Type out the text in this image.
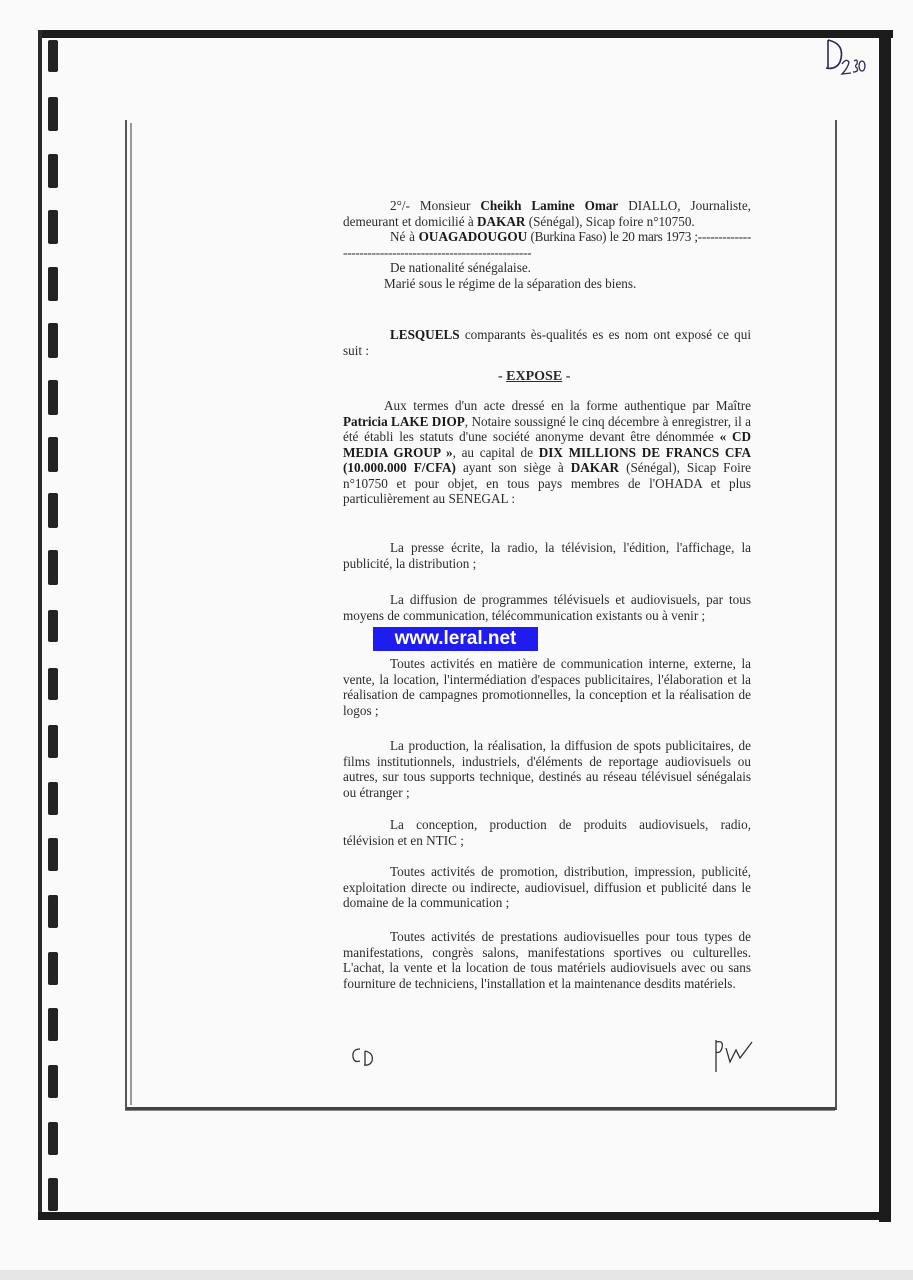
2°/- Monsieur Cheikh Lamine Omar DIALLO, Journaliste, demeurant et domicilié à DAKAR (Sénégal), Sicap foire n°10750.

Né à OUAGADOUGOU (Burkina Faso) le 20 mars 1973 ;-----------------------------------------------------------

De nationalité sénégalaise.

Marié sous le régime de la séparation des biens.

LESQUELS comparants ès-qualités es es nom ont exposé ce qui suit :

- EXPOSE -

Aux termes d'un acte dressé en la forme authentique par Maître Patricia LAKE DIOP, Notaire soussigné le cinq décembre à enregistrer, il a été établi les statuts d'une société anonyme devant être dénommée « CD MEDIA GROUP », au capital de DIX MILLIONS DE FRANCS CFA (10.000.000 F/CFA) ayant son siège à DAKAR (Sénégal), Sicap Foire n°10750 et pour objet, en tous pays membres de l'OHADA et plus particulièrement au SENEGAL :

La presse écrite, la radio, la télévision, l'édition, l'affichage, la publicité, la distribution ;

La diffusion de programmes télévisuels et audiovisuels, par tous moyens de communication, télécommunication existants ou à venir ;

Toutes activités en matière de communication interne, externe, la vente, la location, l'intermédiation d'espaces publicitaires, l'élaboration et la réalisation de campagnes promotionnelles, la conception et la réalisation de logos ;

La production, la réalisation, la diffusion de spots publicitaires, de films institutionnels, industriels, d'éléments de reportage audiovisuels ou autres, sur tous supports technique, destinés au réseau télévisuel sénégalais ou étranger ;

La conception, production de produits audiovisuels, radio, télévision et en NTIC ;

Toutes activités de promotion, distribution, impression, publicité, exploitation directe ou indirecte, audiovisuel, diffusion et publicité dans le domaine de la communication ;

Toutes activités de prestations audiovisuelles pour tous types de manifestations, congrès salons, manifestations sportives ou culturelles. L'achat, la vente et la location de tous matériels audiovisuels avec ou sans fourniture de techniciens, l'installation et la maintenance desdits matériels.

www.leral.net
